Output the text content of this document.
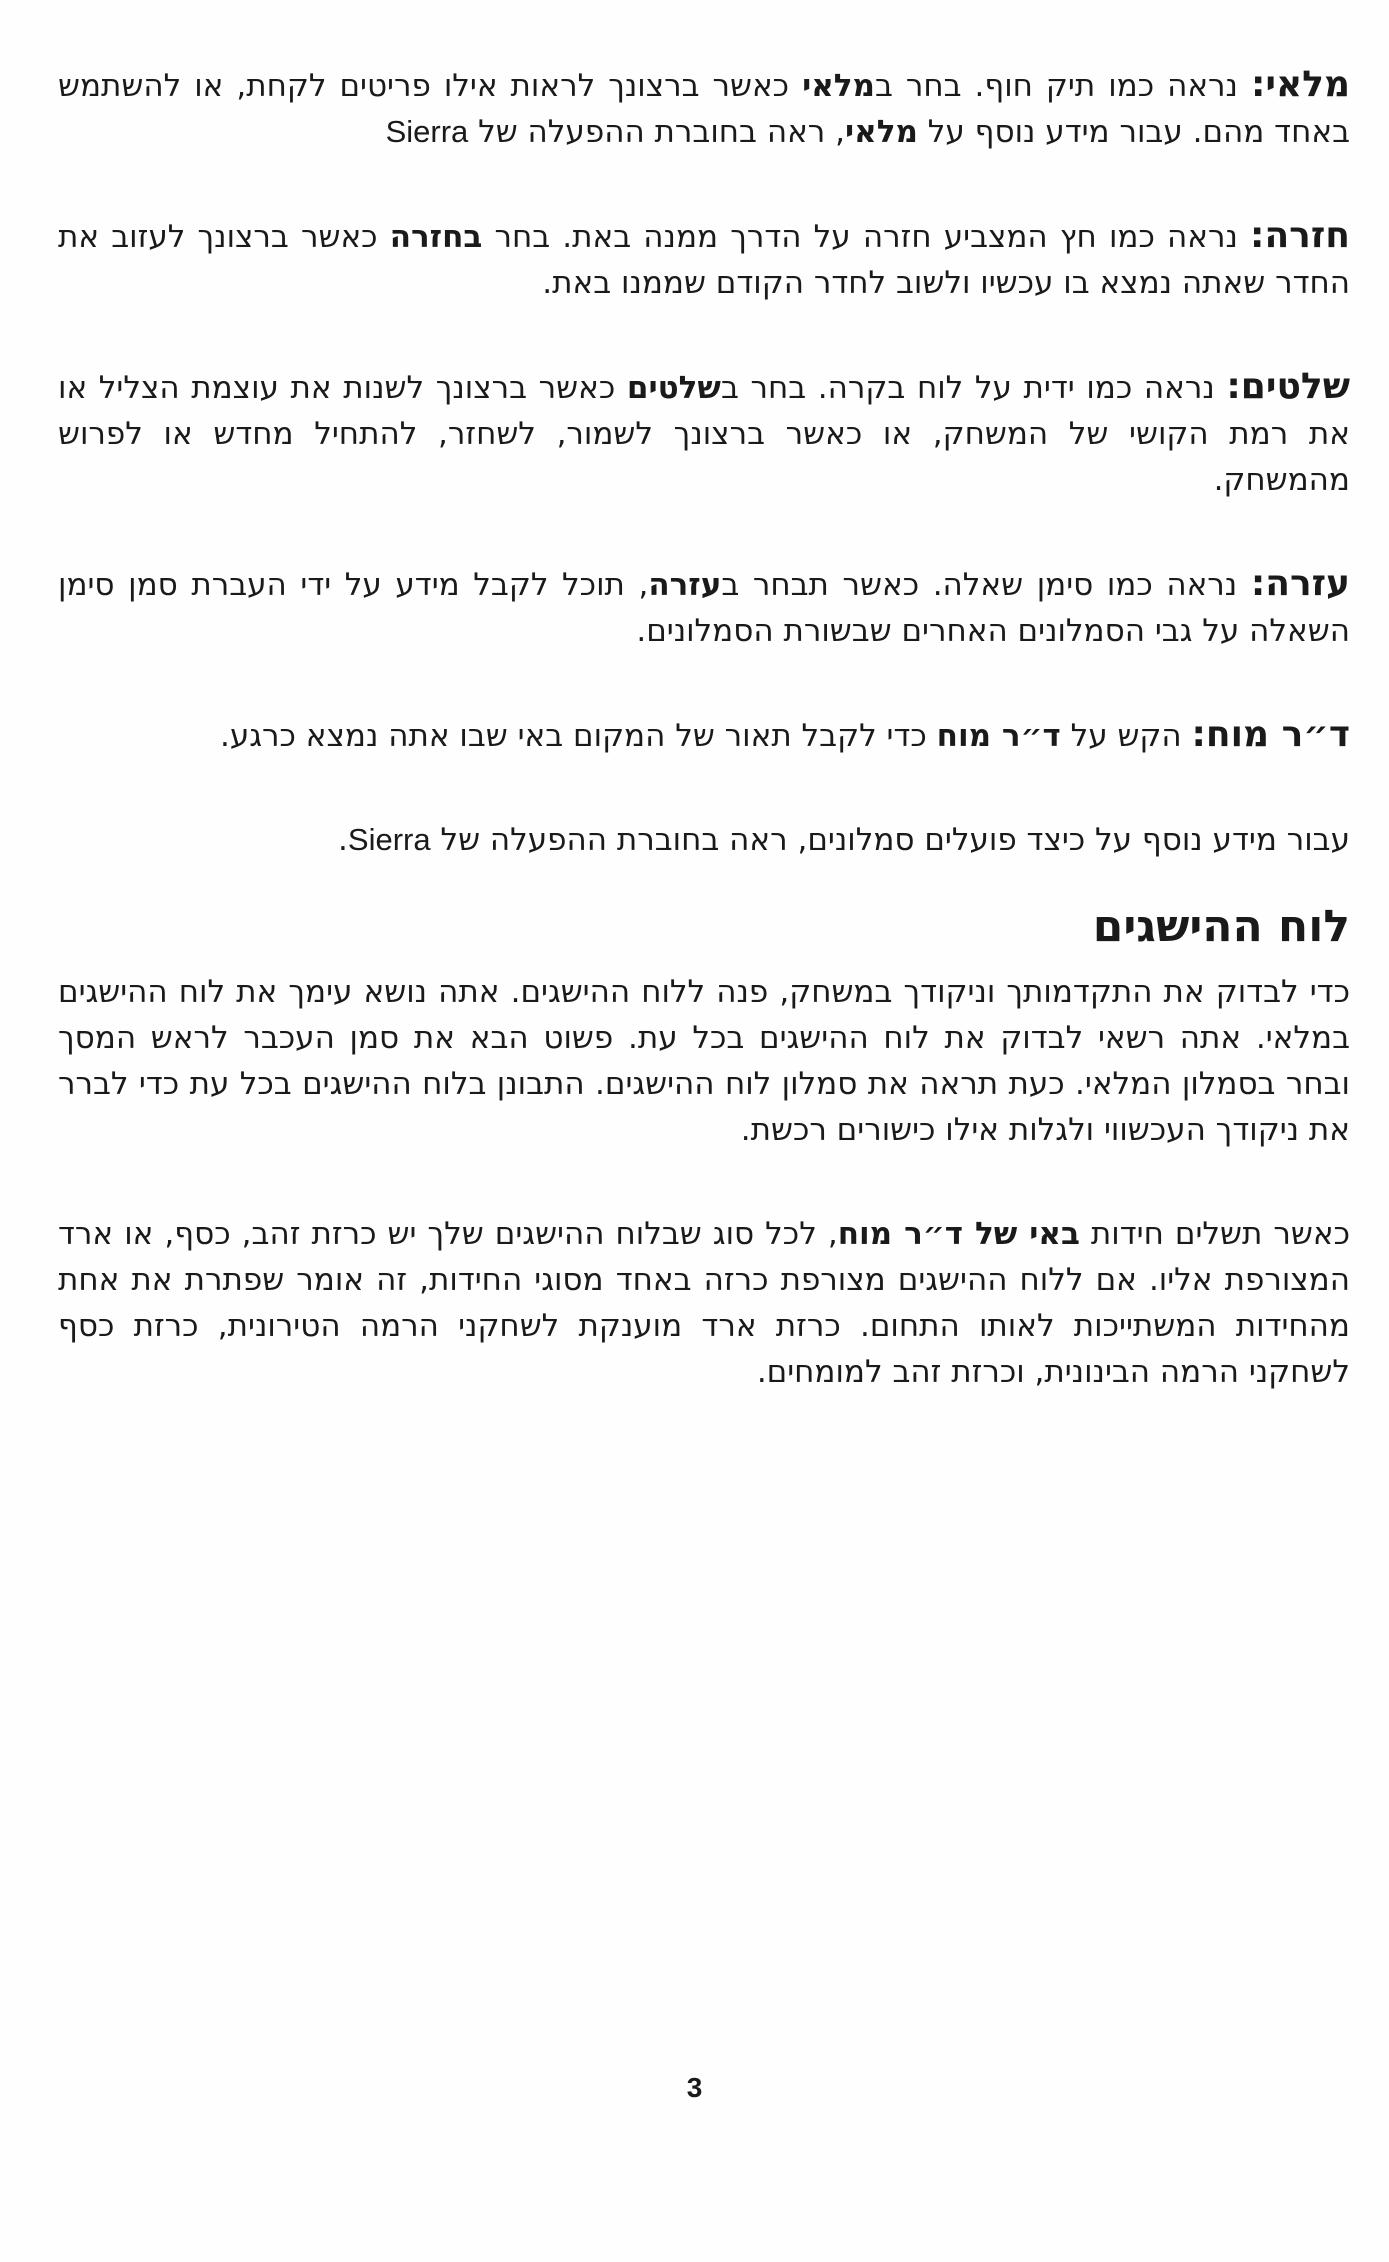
מלאי: נראה כמו תיק חוף. בחר במלאי כאשר ברצונך לראות אילו פריטים לקחת, או להשתמש באחד מהם. עבור מידע נוסף על מלאי, ראה בחוברת ההפעלה של Sierra

חזרה: נראה כמו חץ המצביע חזרה על הדרך ממנה באת. בחר בחזרה כאשר ברצונך לעזוב את החדר שאתה נמצא בו עכשיו ולשוב לחדר הקודם שממנו באת.

שלטים: נראה כמו ידית על לוח בקרה. בחר בשלטים כאשר ברצונך לשנות את עוצמת הצליל או את רמת הקושי של המשחק, או כאשר ברצונך לשמור, לשחזר, להתחיל מחדש או לפרוש מהמשחק.

עזרה: נראה כמו סימן שאלה. כאשר תבחר בעזרה, תוכל לקבל מידע על ידי העברת סמן סימן השאלה על גבי הסמלונים האחרים שבשורת הסמלונים.

ד״ר מוח: הקש על ד״ר מוח כדי לקבל תאור של המקום באי שבו אתה נמצא כרגע.

עבור מידע נוסף על כיצד פועלים סמלונים, ראה בחוברת ההפעלה של Sierra.

לוח ההישגים

כדי לבדוק את התקדמותך וניקודך במשחק, פנה ללוח ההישגים. אתה נושא עימך את לוח ההישגים במלאי. אתה רשאי לבדוק את לוח ההישגים בכל עת. פשוט הבא את סמן העכבר לראש המסך ובחר בסמלון המלאי. כעת תראה את סמלון לוח ההישגים. התבונן בלוח ההישגים בכל עת כדי לברר את ניקודך העכשווי ולגלות אילו כישורים רכשת.

כאשר תשלים חידות באי של ד״ר מוח, לכל סוג שבלוח ההישגים שלך יש כרזת זהב, כסף, או ארד המצורפת אליו. אם ללוח ההישגים מצורפת כרזה באחד מסוגי החידות, זה אומר שפתרת את אחת מהחידות המשתייכות לאותו התחום. כרזת ארד מוענקת לשחקני הרמה הטירונית, כרזת כסף לשחקני הרמה הבינונית, וכרזת זהב למומחים.

3
